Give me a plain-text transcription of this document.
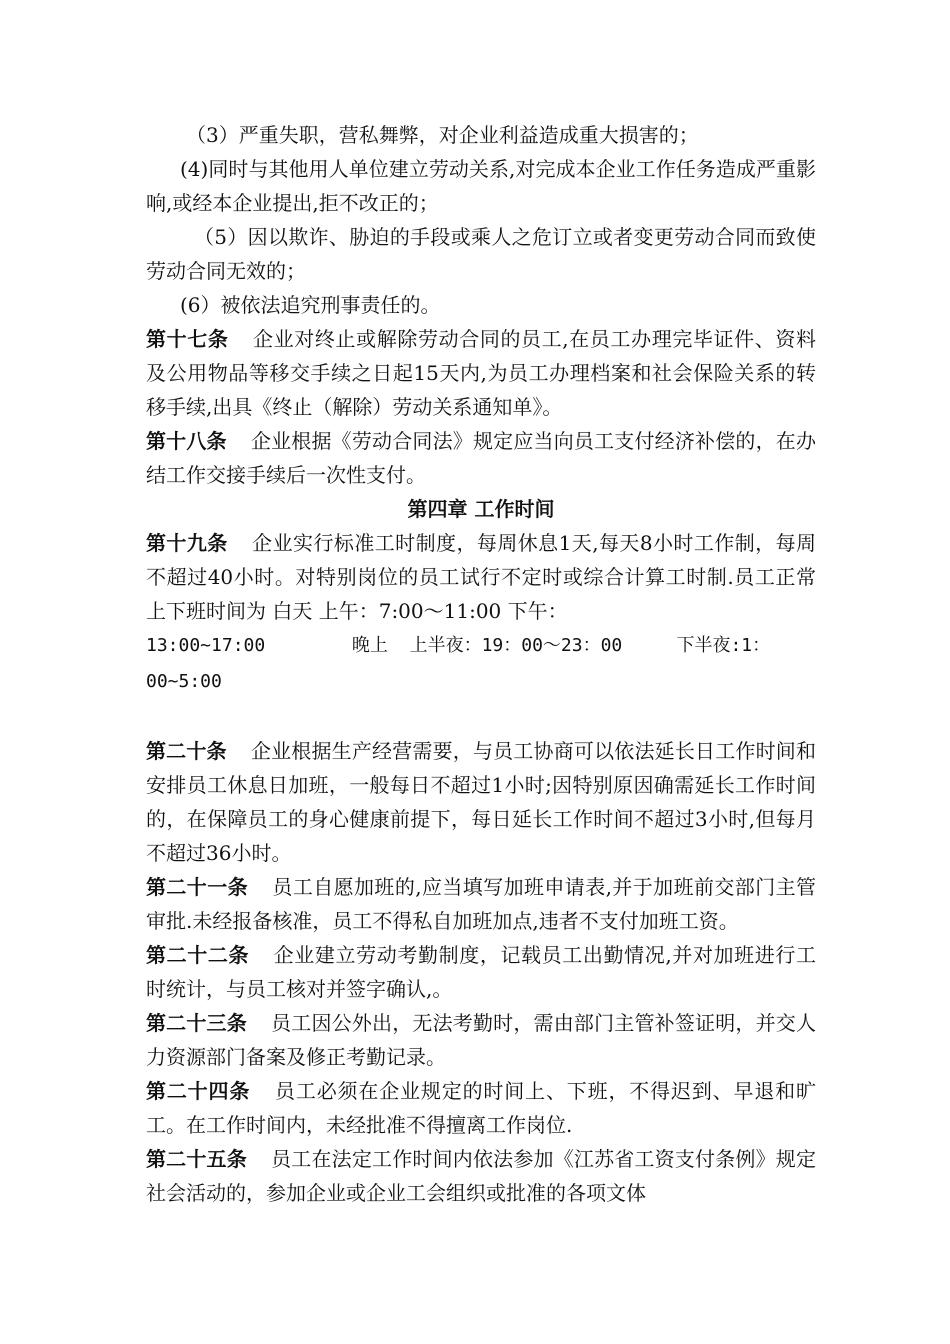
（3）严重失职，营私舞弊，对企业利益造成重大损害的；

(4)同时与其他用人单位建立劳动关系,对完成本企业工作任务造成严重影响,或经本企业提出,拒不改正的；

（5）因以欺诈、胁迫的手段或乘人之危订立或者变更劳动合同而致使劳动合同无效的；

(6）被依法追究刑事责任的。

第十七条 企业对终止或解除劳动合同的员工,在员工办理完毕证件、资料及公用物品等移交手续之日起15天内,为员工办理档案和社会保险关系的转移手续,出具《终止（解除）劳动关系通知单》。

第十八条 企业根据《劳动合同法》规定应当向员工支付经济补偿的，在办结工作交接手续后一次性支付。

第四章 工作时间

第十九条 企业实行标准工时制度，每周休息1天,每天8小时工作制，每周不超过40小时。对特别岗位的员工试行不定时或综合计算工时制.员工正常上下班时间为 白天 上午：7:00～11:00 下午：

13:00~17:00        晚上  上半夜：19：00～23：00     下半夜:1：

00~5:00

第二十条 企业根据生产经营需要，与员工协商可以依法延长日工作时间和安排员工休息日加班，一般每日不超过1小时;因特别原因确需延长工作时间的，在保障员工的身心健康前提下，每日延长工作时间不超过3小时,但每月不超过36小时。

第二十一条 员工自愿加班的,应当填写加班申请表,并于加班前交部门主管审批.未经报备核准，员工不得私自加班加点,违者不支付加班工资。

第二十二条 企业建立劳动考勤制度，记载员工出勤情况,并对加班进行工时统计，与员工核对并签字确认,。

第二十三条 员工因公外出，无法考勤时，需由部门主管补签证明，并交人力资源部门备案及修正考勤记录。

第二十四条 员工必须在企业规定的时间上、下班，不得迟到、早退和旷工。在工作时间内，未经批准不得擅离工作岗位.

第二十五条 员工在法定工作时间内依法参加《江苏省工资支付条例》规定社会活动的，参加企业或企业工会组织或批准的各项文体
